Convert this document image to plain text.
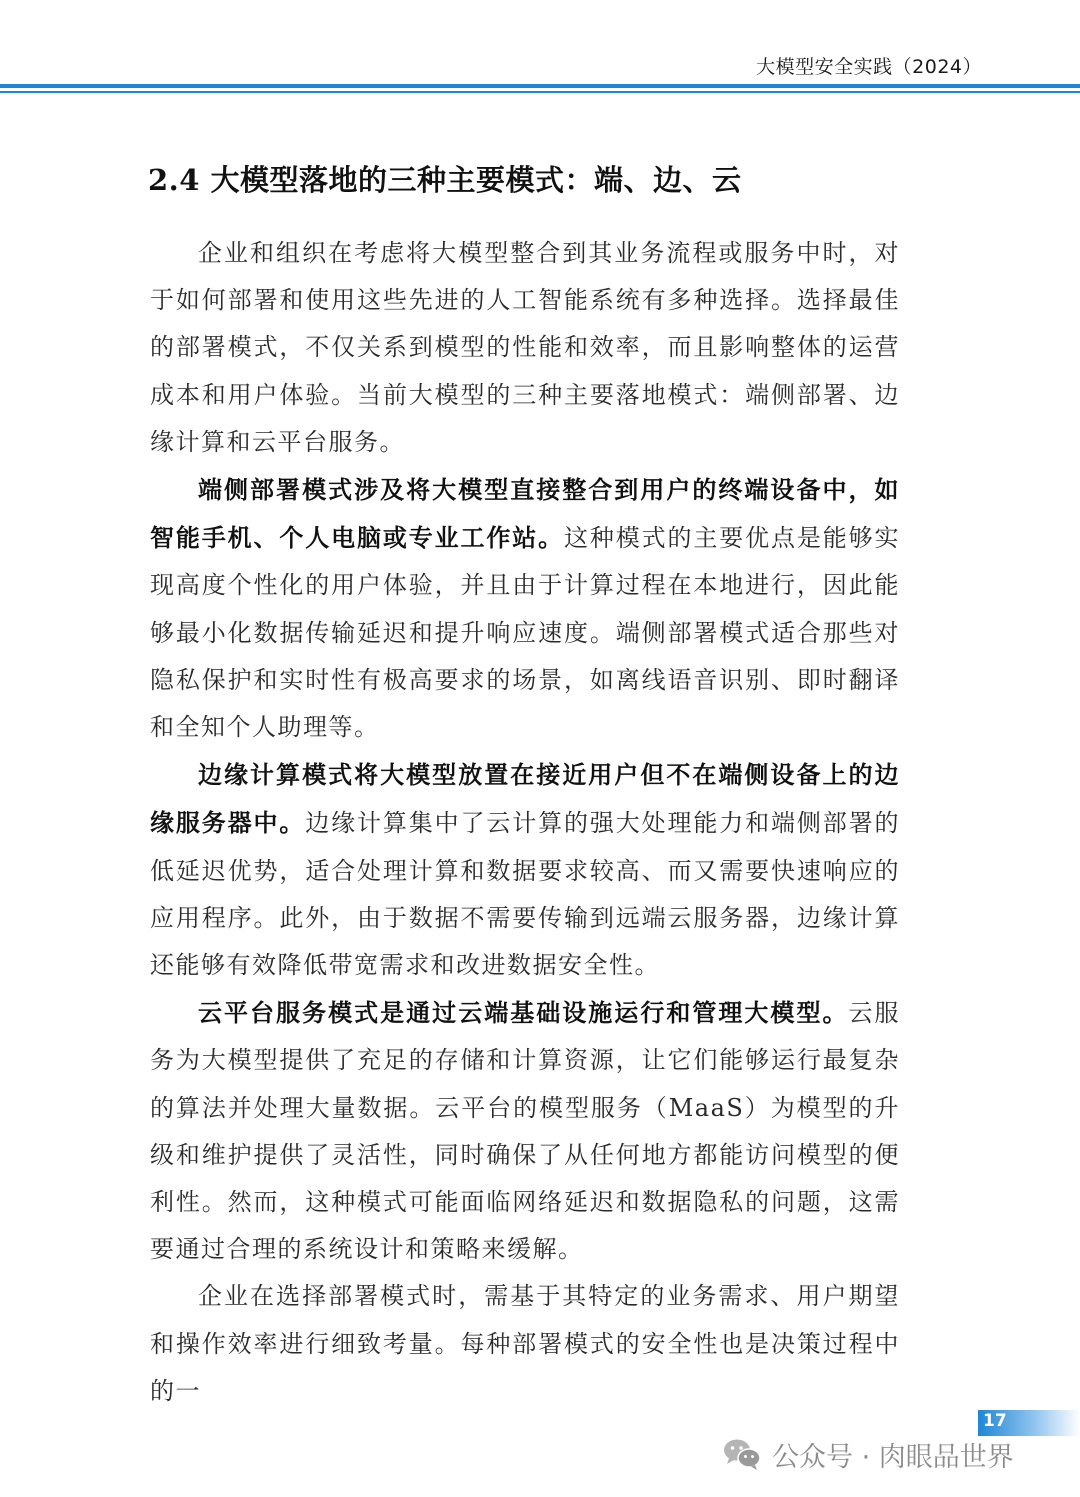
大模型安全实践（2024）
2.4 大模型落地的三种主要模式：端、边、云

企业和组织在考虑将大模型整合到其业务流程或服务中时，对于如何部署和使用这些先进的人工智能系统有多种选择。选择最佳的部署模式，不仅关系到模型的性能和效率，而且影响整体的运营成本和用户体验。当前大模型的三种主要落地模式：端侧部署、边缘计算和云平台服务。

端侧部署模式涉及将大模型直接整合到用户的终端设备中，如智能手机、个人电脑或专业工作站。这种模式的主要优点是能够实现高度个性化的用户体验，并且由于计算过程在本地进行，因此能够最小化数据传输延迟和提升响应速度。端侧部署模式适合那些对隐私保护和实时性有极高要求的场景，如离线语音识别、即时翻译和全知个人助理等。

边缘计算模式将大模型放置在接近用户但不在端侧设备上的边缘服务器中。边缘计算集中了云计算的强大处理能力和端侧部署的低延迟优势，适合处理计算和数据要求较高、而又需要快速响应的应用程序。此外，由于数据不需要传输到远端云服务器，边缘计算还能够有效降低带宽需求和改进数据安全性。

云平台服务模式是通过云端基础设施运行和管理大模型。云服务为大模型提供了充足的存储和计算资源，让它们能够运行最复杂的算法并处理大量数据。云平台的模型服务（MaaS）为模型的升级和维护提供了灵活性，同时确保了从任何地方都能访问模型的便利性。然而，这种模式可能面临网络延迟和数据隐私的问题，这需要通过合理的系统设计和策略来缓解。

企业在选择部署模式时，需基于其特定的业务需求、用户期望和操作效率进行细致考量。每种部署模式的安全性也是决策过程中的一

17
公众号 · 肉眼品世界
